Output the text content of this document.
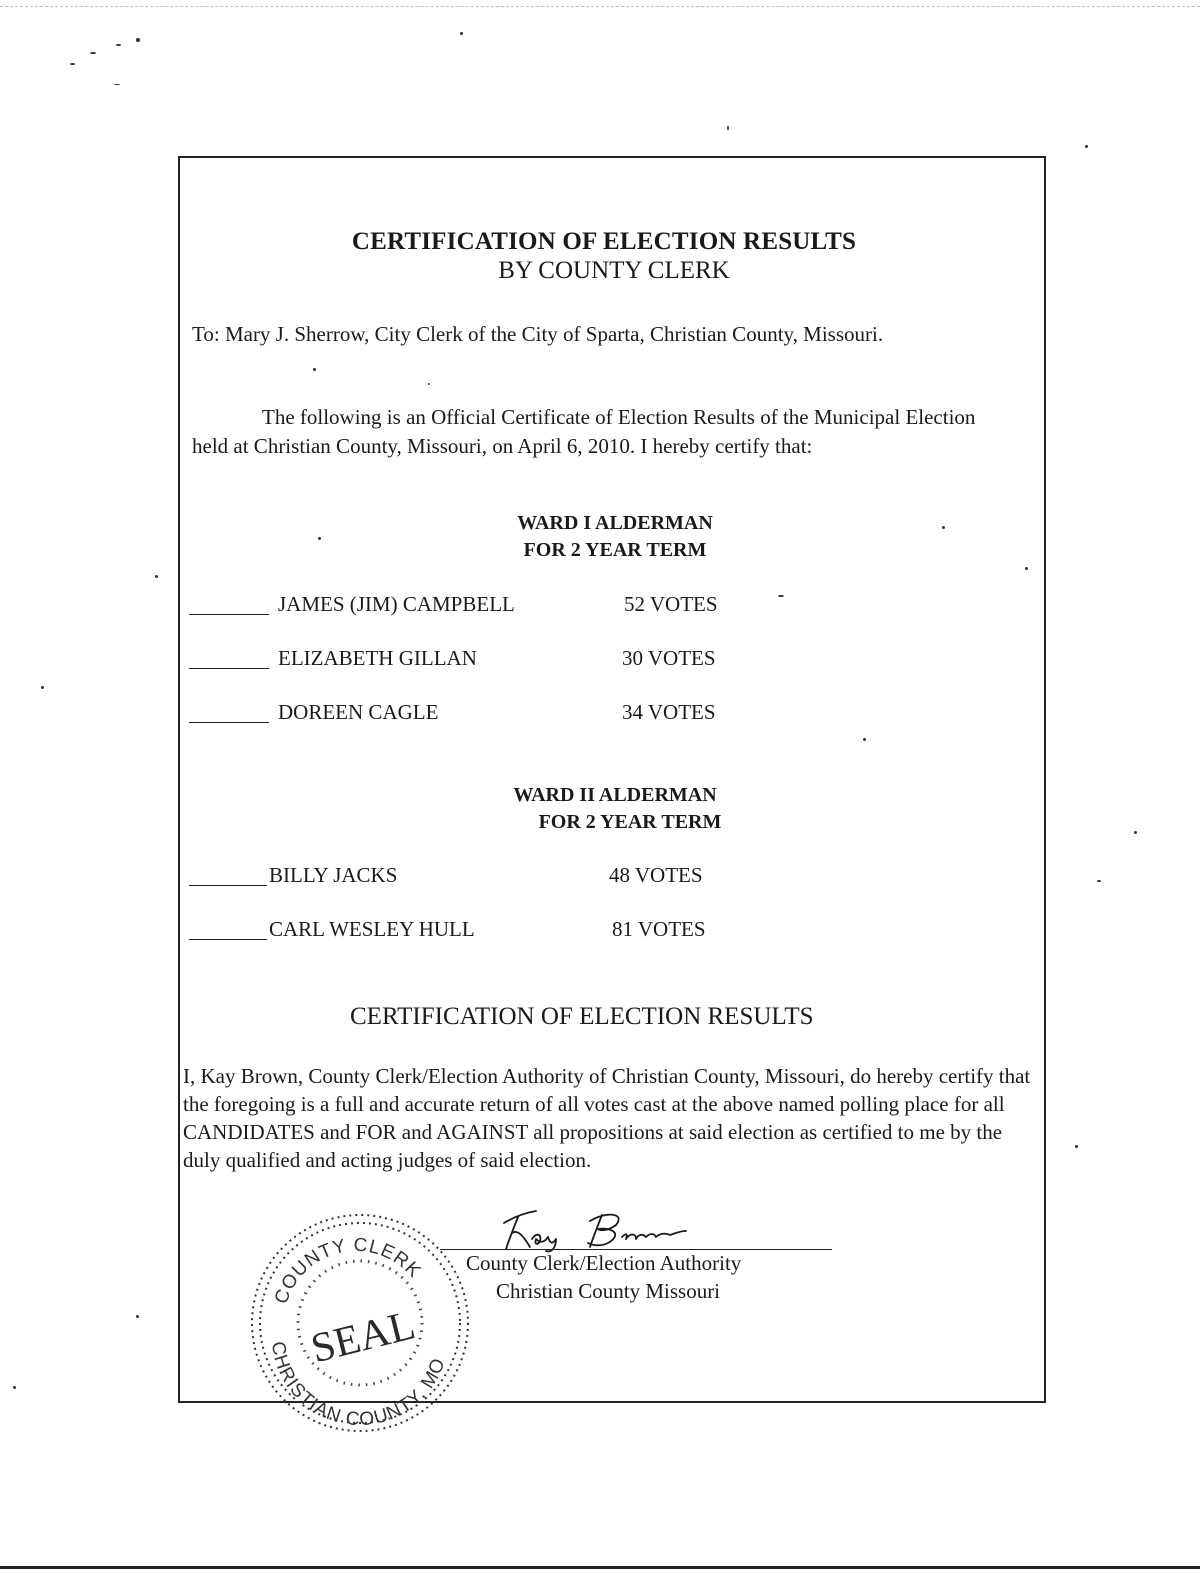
CERTIFICATION OF ELECTION RESULTS
BY COUNTY CLERK
To: Mary J. Sherrow, City Clerk of the City of Sparta, Christian County, Missouri.
The following is an Official Certificate of Election Results of the Municipal Election held at Christian County, Missouri, on April 6, 2010. I hereby certify that:
WARD I ALDERMAN
FOR 2 YEAR TERM
JAMES (JIM) CAMPBELL	52 VOTES
ELIZABETH GILLAN	30 VOTES
DOREEN CAGLE	34 VOTES
WARD II ALDERMAN
FOR 2 YEAR TERM
BILLY JACKS	48 VOTES
CARL WESLEY HULL	81 VOTES
CERTIFICATION OF ELECTION RESULTS
I, Kay Brown, County Clerk/Election Authority of Christian County, Missouri, do hereby certify that the foregoing is a full and accurate return of all votes cast at the above named polling place for all CANDIDATES and FOR and AGAINST all propositions at said election as certified to me by the duly qualified and acting judges of said election.
County Clerk/Election Authority
Christian County Missouri
COUNTY CLERK
CHRISTIAN COUNTY, MO
SEAL
